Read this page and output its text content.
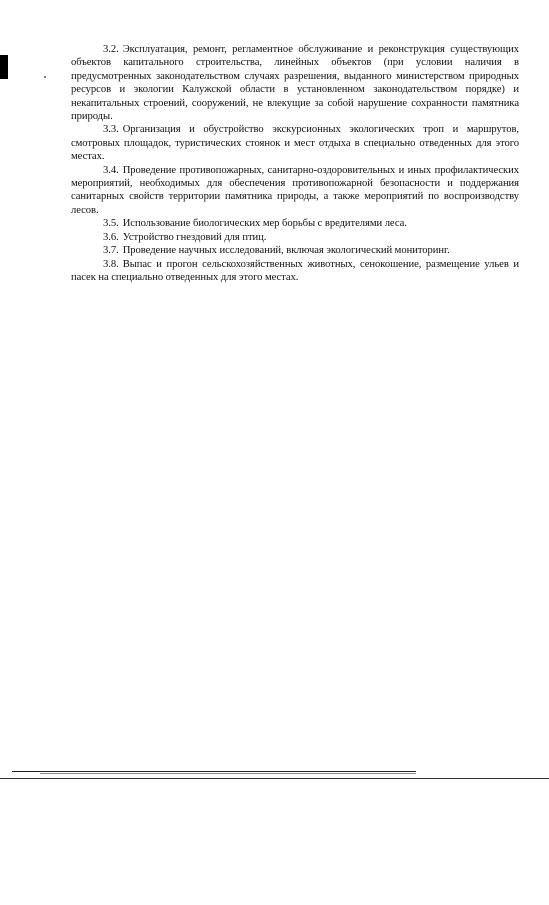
3.2. Эксплуатация, ремонт, регламентное обслуживание и реконструкция существующих объектов капитального строительства, линейных объектов (при условии наличия в предусмотренных законодательством случаях разрешения, выданного министерством природных ресурсов и экологии Калужской области в установленном законодательством порядке) и некапитальных строений, сооружений, не влекущие за собой нарушение сохранности памятника природы.

3.3. Организация и обустройство экскурсионных экологических троп и маршрутов, смотровых площадок, туристических стоянок и мест отдыха в специально отведенных для этого местах.

3.4. Проведение противопожарных, санитарно-оздоровительных и иных профилактических мероприятий, необходимых для обеспечения противопожарной безопасности и поддержания санитарных свойств территории памятника природы, а также мероприятий по воспроизводству лесов.

3.5. Использование биологических мер борьбы с вредителями леса.

3.6. Устройство гнездовий для птиц.

3.7. Проведение научных исследований, включая экологический мониторинг.

3.8. Выпас и прогон сельскохозяйственных животных, сенокошение, размещение ульев и пасек на специально отведенных для этого местах.
